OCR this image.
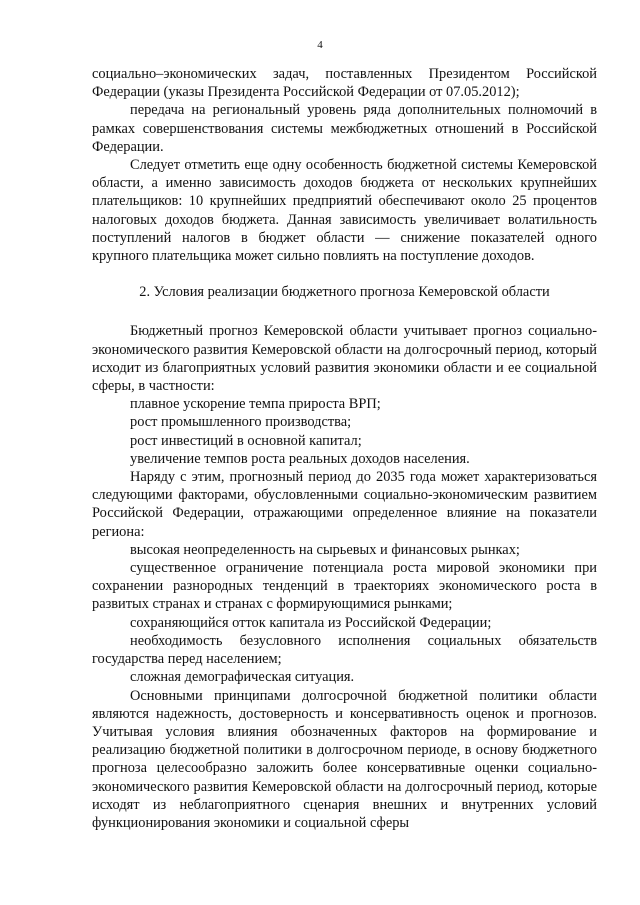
4

социально–экономических задач, поставленных Президентом Российской Федерации (указы Президента Российской Федерации от 07.05.2012);

передача на региональный уровень ряда дополнительных полномочий в рамках совершенствования системы межбюджетных отношений в Российской Федерации.

Следует отметить еще одну особенность бюджетной системы Кемеровской области, а именно зависимость доходов бюджета от нескольких крупнейших плательщиков: 10 крупнейших предприятий обеспечивают около 25 процентов налоговых доходов бюджета. Данная зависимость увеличивает волатильность поступлений налогов в бюджет области — снижение показателей одного крупного плательщика может сильно повлиять на поступление доходов.

2. Условия реализации бюджетного прогноза Кемеровской области

Бюджетный прогноз Кемеровской области учитывает прогноз социально-экономического развития Кемеровской области на долгосрочный период, который исходит из благоприятных условий развития экономики области и ее социальной сферы, в частности:

плавное ускорение темпа прироста ВРП;

рост промышленного производства;

рост инвестиций в основной капитал;

увеличение темпов роста реальных доходов населения.

Наряду с этим, прогнозный период до 2035 года может характеризоваться следующими факторами, обусловленными социально-экономическим развитием Российской Федерации, отражающими определенное влияние на показатели региона:

высокая неопределенность на сырьевых и финансовых рынках;

существенное ограничение потенциала роста мировой экономики при сохранении разнородных тенденций в траекториях экономического роста в развитых странах и странах с формирующимися рынками;

сохраняющийся отток капитала из Российской Федерации;

необходимость безусловного исполнения социальных обязательств государства перед населением;

сложная демографическая ситуация.

Основными принципами долгосрочной бюджетной политики области являются надежность, достоверность и консервативность оценок и прогнозов. Учитывая условия влияния обозначенных факторов на формирование и реализацию бюджетной политики в долгосрочном периоде, в основу бюджетного прогноза целесообразно заложить более консервативные оценки социально-экономического развития Кемеровской области на долгосрочный период, которые исходят из неблагоприятного сценария внешних и внутренних условий функционирования экономики и социальной сферы
